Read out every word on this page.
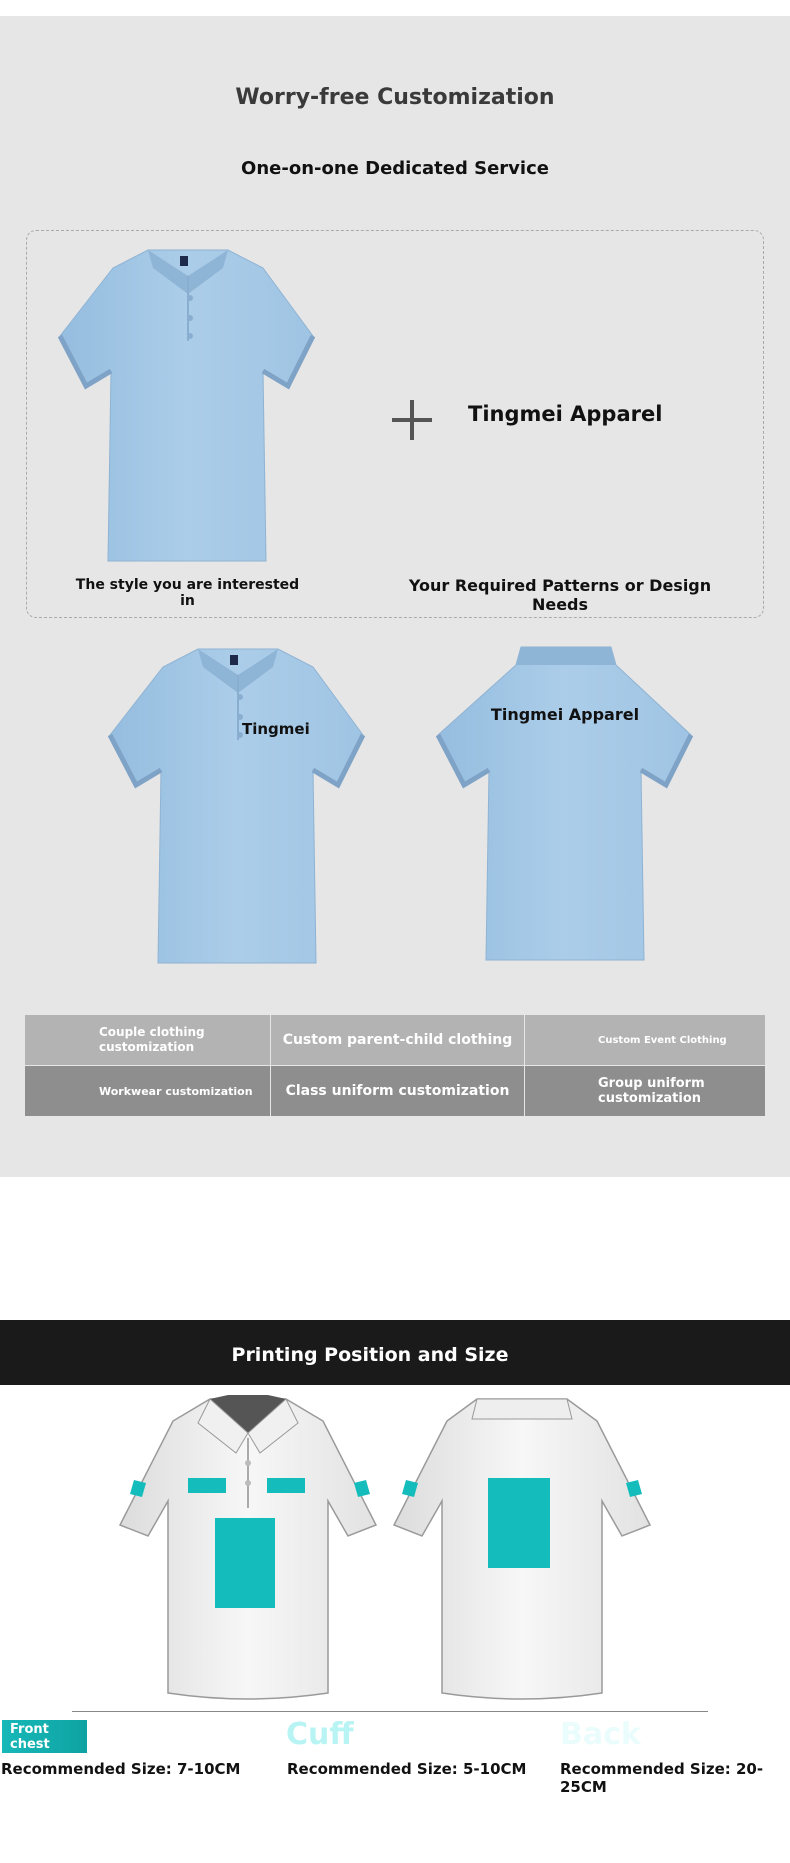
Worry-free Customization
One-on-one Dedicated Service
Tingmei Apparel
The style you are interested in
Your Required Patterns or Design Needs
Tingmei
Tingmei Apparel
Couple clothing customization	Custom parent-child clothing	Custom Event Clothing
Workwear customization	Class uniform customization	Group uniform customization
Printing Position and Size
Front chest	Cuff	Back
Recommended Size: 7-10CM	Recommended Size: 5-10CM Recommended Size: 20-25CM
